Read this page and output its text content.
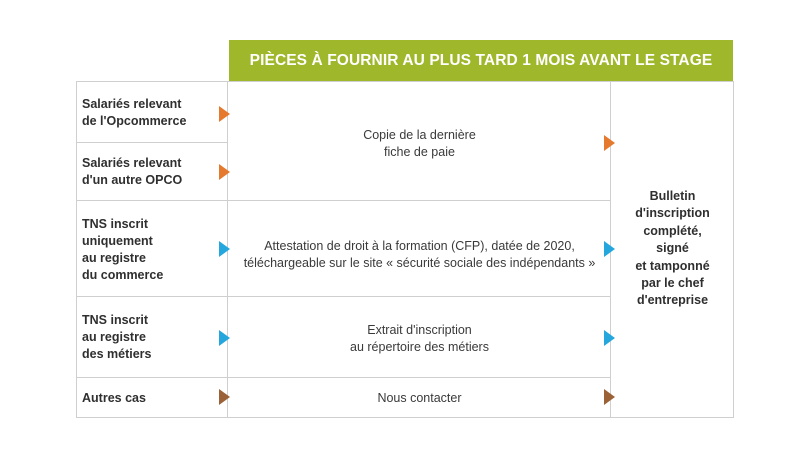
PIÈCES À FOURNIR AU PLUS TARD 1 MOIS AVANT LE STAGE
Salariés relevant
de l'Opcommerce
Salariés relevant
d'un autre OPCO
TNS inscrit
uniquement
au registre
du commerce
TNS inscrit
au registre
des métiers
Autres cas
Copie de la dernière
fiche de paie
Attestation de droit à la formation (CFP), datée de 2020,
téléchargeable sur le site « sécurité sociale des indépendants »
Extrait d'inscription
au répertoire des métiers
Nous contacter
Bulletin
d'inscription
complété,
signé
et tamponné
par le chef
d'entreprise
